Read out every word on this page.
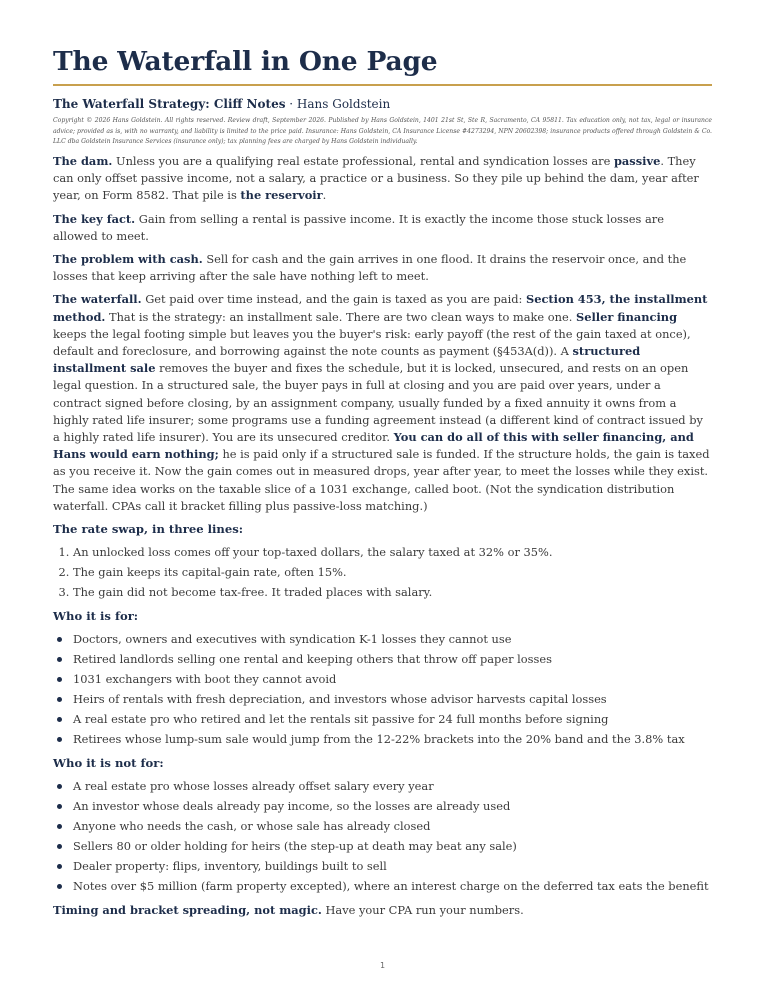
The Waterfall in One Page
The Waterfall Strategy: Cliff Notes · Hans Goldstein

Copyright © 2026 Hans Goldstein. All rights reserved. Review draft, September 2026. Published by Hans Goldstein, 1401 21st St, Ste R, Sacramento, CA 95811. Tax education only, not tax, legal or insurance advice; provided as is, with no warranty, and liability is limited to the price paid. Insurance: Hans Goldstein, CA Insurance License #4273294, NPN 20602398; insurance products offered through Goldstein & Co. LLC dba Goldstein Insurance Services (insurance only); tax planning fees are charged by Hans Goldstein individually.

The dam. Unless you are a qualifying real estate professional, rental and syndication losses are passive. They can only offset passive income, not a salary, a practice or a business. So they pile up behind the dam, year after year, on Form 8582. That pile is the reservoir.

The key fact. Gain from selling a rental is passive income. It is exactly the income those stuck losses are allowed to meet.

The problem with cash. Sell for cash and the gain arrives in one flood. It drains the reservoir once, and the losses that keep arriving after the sale have nothing left to meet.

The waterfall. Get paid over time instead, and the gain is taxed as you are paid: Section 453, the installment method. That is the strategy: an installment sale. There are two clean ways to make one. Seller financing keeps the legal footing simple but leaves you the buyer's risk: early payoff (the rest of the gain taxed at once), default and foreclosure, and borrowing against the note counts as payment (§453A(d)). A structured installment sale removes the buyer and fixes the schedule, but it is locked, unsecured, and rests on an open legal question. In a structured sale, the buyer pays in full at closing and you are paid over years, under a contract signed before closing, by an assignment company, usually funded by a fixed annuity it owns from a highly rated life insurer; some programs use a funding agreement instead (a different kind of contract issued by a highly rated life insurer). You are its unsecured creditor. You can do all of this with seller financing, and Hans would earn nothing; he is paid only if a structured sale is funded. If the structure holds, the gain is taxed as you receive it. Now the gain comes out in measured drops, year after year, to meet the losses while they exist. The same idea works on the taxable slice of a 1031 exchange, called boot. (Not the syndication distribution waterfall. CPAs call it bracket filling plus passive-loss matching.)

The rate swap, in three lines:
1. An unlocked loss comes off your top-taxed dollars, the salary taxed at 32% or 35%.
2. The gain keeps its capital-gain rate, often 15%.
3. The gain did not become tax-free. It traded places with salary.
Who it is for:
Doctors, owners and executives with syndication K-1 losses they cannot use
Retired landlords selling one rental and keeping others that throw off paper losses
1031 exchangers with boot they cannot avoid
Heirs of rentals with fresh depreciation, and investors whose advisor harvests capital losses
A real estate pro who retired and let the rentals sit passive for 24 full months before signing
Retirees whose lump-sum sale would jump from the 12-22% brackets into the 20% band and the 3.8% tax
Who it is not for:
A real estate pro whose losses already offset salary every year
An investor whose deals already pay income, so the losses are already used
Anyone who needs the cash, or whose sale has already closed
Sellers 80 or older holding for heirs (the step-up at death may beat any sale)
Dealer property: flips, inventory, buildings built to sell
Notes over $5 million (farm property excepted), where an interest charge on the deferred tax eats the benefit

Timing and bracket spreading, not magic. Have your CPA run your numbers.

1
